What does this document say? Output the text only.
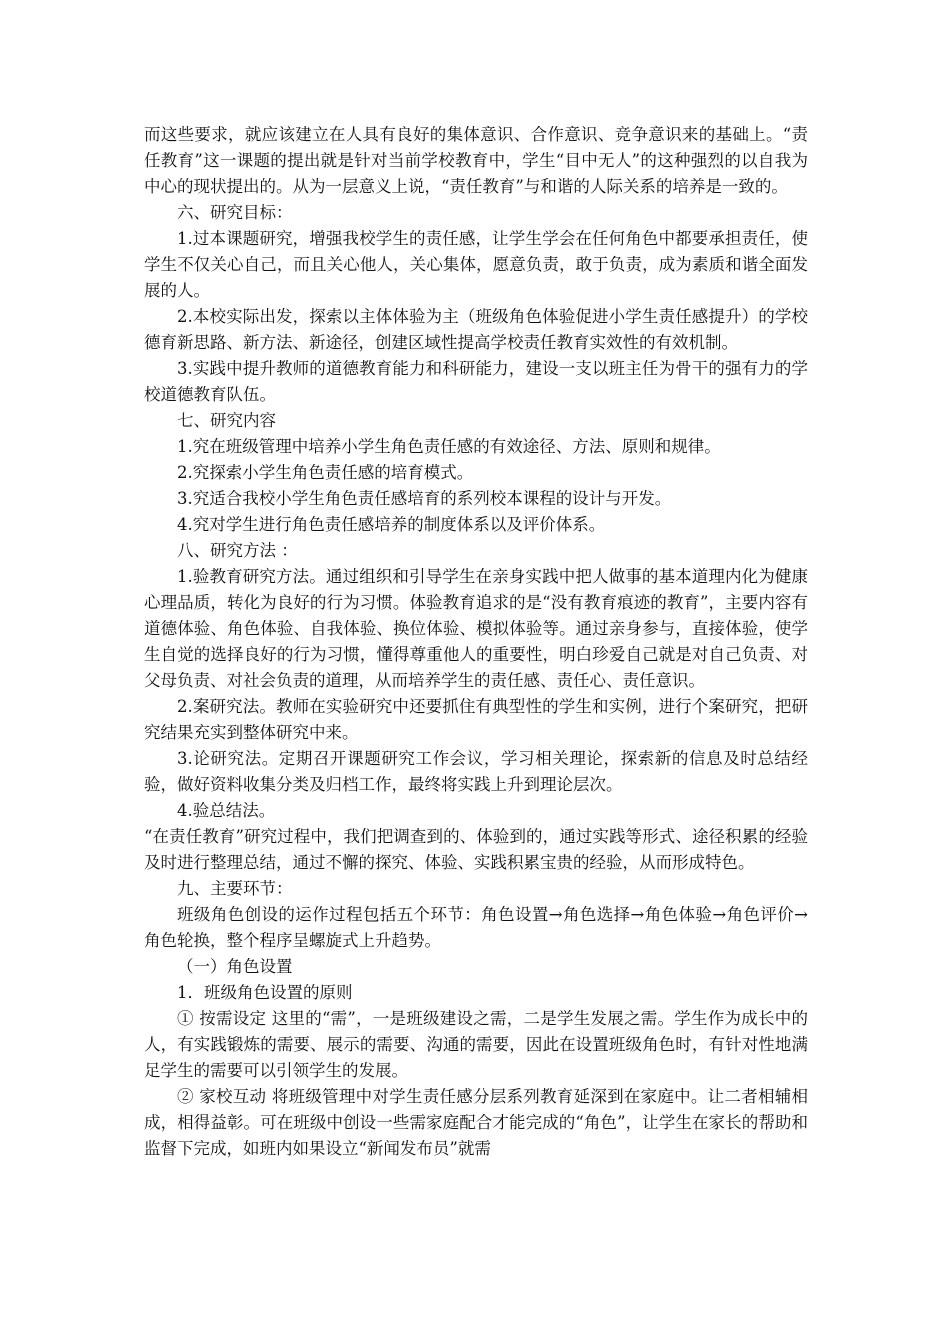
而这些要求，就应该建立在人具有良好的集体意识、合作意识、竞争意识来的基础上。“责任教育”这一课题的提出就是针对当前学校教育中，学生“目中无人”的这种强烈的以自我为中心的现状提出的。从为一层意义上说，“责任教育”与和谐的人际关系的培养是一致的。

六、研究目标：

1.过本课题研究，增强我校学生的责任感，让学生学会在任何角色中都要承担责任，使学生不仅关心自己，而且关心他人，关心集体，愿意负责，敢于负责，成为素质和谐全面发展的人。

2.本校实际出发，探索以主体体验为主（班级角色体验促进小学生责任感提升）的学校德育新思路、新方法、新途径，创建区域性提高学校责任教育实效性的有效机制。

3.实践中提升教师的道德教育能力和科研能力，建设一支以班主任为骨干的强有力的学校道德教育队伍。

七、研究内容

1.究在班级管理中培养小学生角色责任感的有效途径、方法、原则和规律。

2.究探索小学生角色责任感的培育模式。

3.究适合我校小学生角色责任感培育的系列校本课程的设计与开发。

4.究对学生进行角色责任感培养的制度体系以及评价体系。

八、研究方法 ：

1.验教育研究方法。通过组织和引导学生在亲身实践中把人做事的基本道理内化为健康心理品质，转化为良好的行为习惯。体验教育追求的是“没有教育痕迹的教育”，主要内容有道德体验、角色体验、自我体验、换位体验、模拟体验等。通过亲身参与，直接体验，使学生自觉的选择良好的行为习惯，懂得尊重他人的重要性，明白珍爱自己就是对自己负责、对父母负责、对社会负责的道理，从而培养学生的责任感、责任心、责任意识。

2.案研究法。教师在实验研究中还要抓住有典型性的学生和实例，进行个案研究，把研究结果充实到整体研究中来。

3.论研究法。定期召开课题研究工作会议，学习相关理论，探索新的信息及时总结经验，做好资料收集分类及归档工作，最终将实践上升到理论层次。

4.验总结法。

“在责任教育”研究过程中，我们把调查到的、体验到的，通过实践等形式、途径积累的经验及时进行整理总结，通过不懈的探究、体验、实践积累宝贵的经验，从而形成特色。

九、主要环节：

班级角色创设的运作过程包括五个环节：角色设置→角色选择→角色体验→角色评价→角色轮换，整个程序呈螺旋式上升趋势。

（一）角色设置

1．班级角色设置的原则

① 按需设定 这里的“需”，一是班级建设之需，二是学生发展之需。学生作为成长中的人，有实践锻炼的需要、展示的需要、沟通的需要，因此在设置班级角色时，有针对性地满足学生的需要可以引领学生的发展。

② 家校互动 将班级管理中对学生责任感分层系列教育延深到在家庭中。让二者相辅相成，相得益彰。可在班级中创设一些需家庭配合才能完成的“角色”，让学生在家长的帮助和监督下完成，如班内如果设立“新闻发布员”就需
